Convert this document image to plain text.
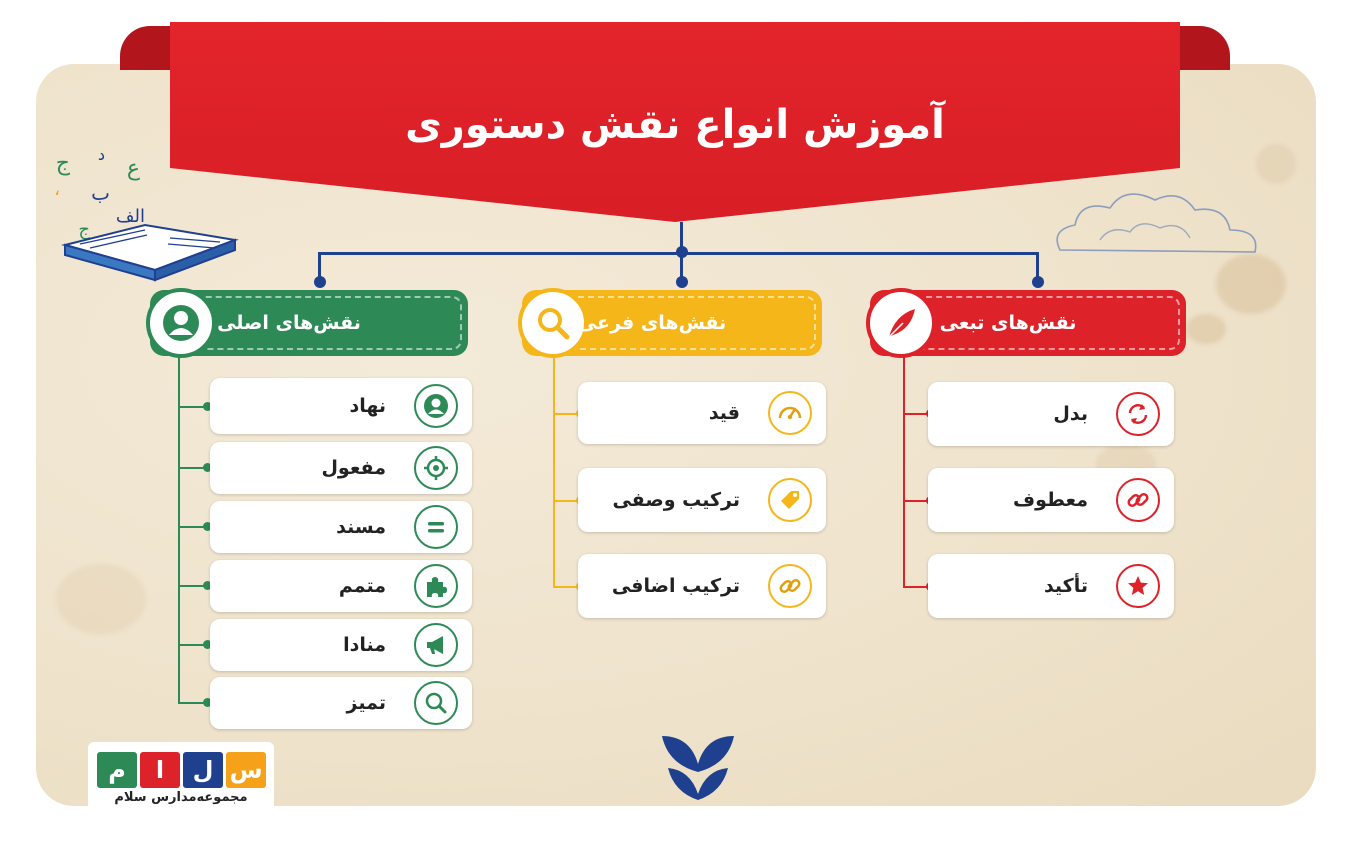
ج د
ع
، ب
الف
ج
آموزش انواع نقش دستوری
نقش‌های اصلی	نقش‌های فرعی	نقش‌های تبعی
نهاد
مفعول
مسند
متمم
منادا
تمیز
قید
ترکیب وصفی
ترکیب اضافی
بدل
معطوف
تأکید
س
ل
ا
م
مجموعه‌مدارس سلام
